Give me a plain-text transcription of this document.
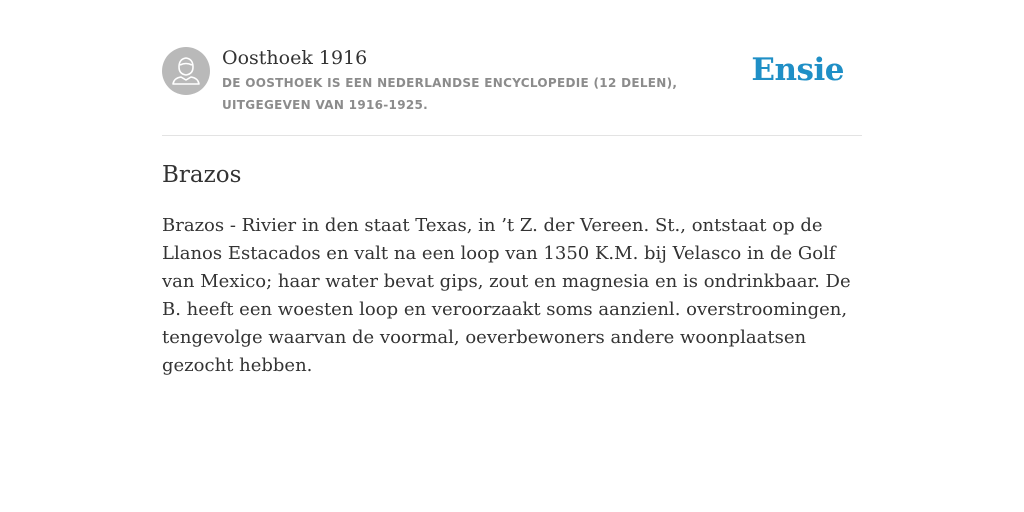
Oosthoek 1916

DE OOSTHOEK IS EEN NEDERLANDSE ENCYCLOPEDIE (12 DELEN), UITGEGEVEN VAN 1916-1925.

Ensie
Brazos

Brazos - Rivier in den staat Texas, in ’t Z. der Vereen. St., ontstaat op de Llanos Estacados en valt na een loop van 1350 K.M. bij Velasco in de Golf van Mexico; haar water bevat gips, zout en magnesia en is ondrinkbaar. De B. heeft een woesten loop en veroorzaakt soms aanzienl. overstroomingen, tengevolge waarvan de voormal, oeverbewoners andere woonplaatsen gezocht hebben.
